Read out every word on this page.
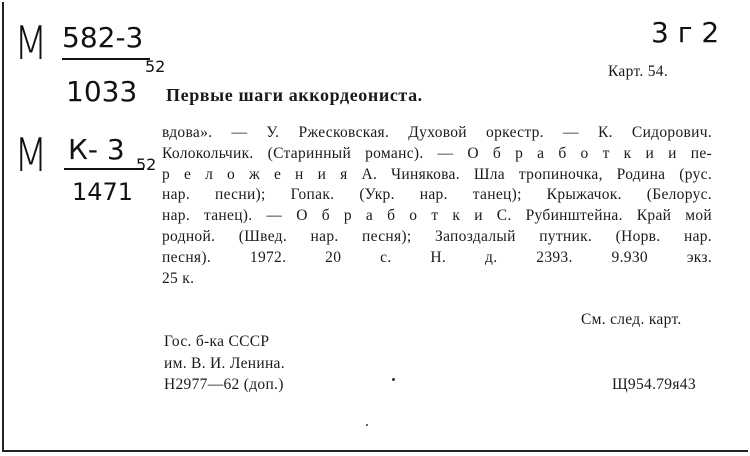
М 582-3
52
1033
М К- 3 52
1471
3 г 2
Карт. 54.
Первые шаги аккордеониста.
вдова». — У. Ржесковская. Духовой оркестр. — К. Сидорович.
Колокольчик. (Старинный романс). — О б р а б о т к и и пе-
р е л о ж е н и я А. Чинякова. Шла тропиночка, Родина (рус.
нар. песни); Гопак. (Укр. нар. танец); Крыжачок. (Белорус.
нар. танец). — О б р а б о т к и С. Рубинштейна. Край мой
родной. (Швед. нар. песня); Запоздалый путник. (Норв. нар.
песня). 1972. 20 с. Н. д. 2393. 9.930 экз.
25 к.
См. след. карт.
Гос. б-ка СССР
им. В. И. Ленина.
Н2977—62 (доп.)	Щ954.79я43
